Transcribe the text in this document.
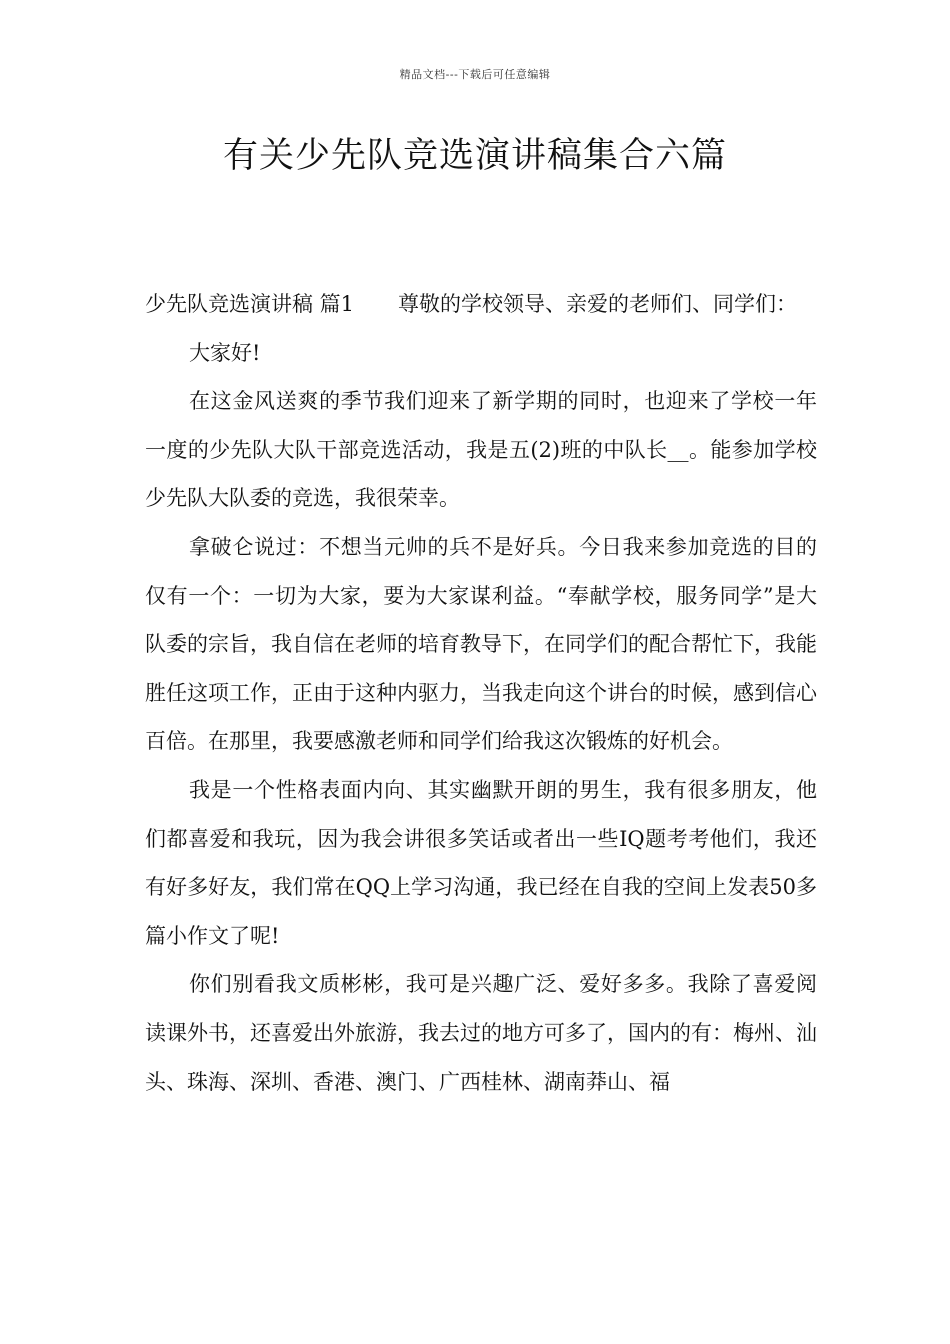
精品文档---下载后可任意编辑
有关少先队竞选演讲稿集合六篇

少先队竞选演讲稿 篇1 尊敬的学校领导、亲爱的老师们、同学们：

大家好!

在这金风送爽的季节我们迎来了新学期的同时，也迎来了学校一年一度的少先队大队干部竞选活动，我是五(2)班的中队长__。能参加学校少先队大队委的竞选，我很荣幸。

拿破仑说过：不想当元帅的兵不是好兵。今日我来参加竞选的目的仅有一个：一切为大家，要为大家谋利益。“奉献学校，服务同学”是大队委的宗旨，我自信在老师的培育教导下，在同学们的配合帮忙下，我能胜任这项工作，正由于这种内驱力，当我走向这个讲台的时候，感到信心百倍。在那里，我要感激老师和同学们给我这次锻炼的好机会。

我是一个性格表面内向、其实幽默开朗的男生，我有很多朋友，他们都喜爱和我玩，因为我会讲很多笑话或者出一些IQ题考考他们，我还有好多好友，我们常在QQ上学习沟通，我已经在自我的空间上发表50多篇小作文了呢!

你们别看我文质彬彬，我可是兴趣广泛、爱好多多。我除了喜爱阅读课外书，还喜爱出外旅游，我去过的地方可多了，国内的有：梅州、汕头、珠海、深圳、香港、澳门、广西桂林、湖南莽山、福
